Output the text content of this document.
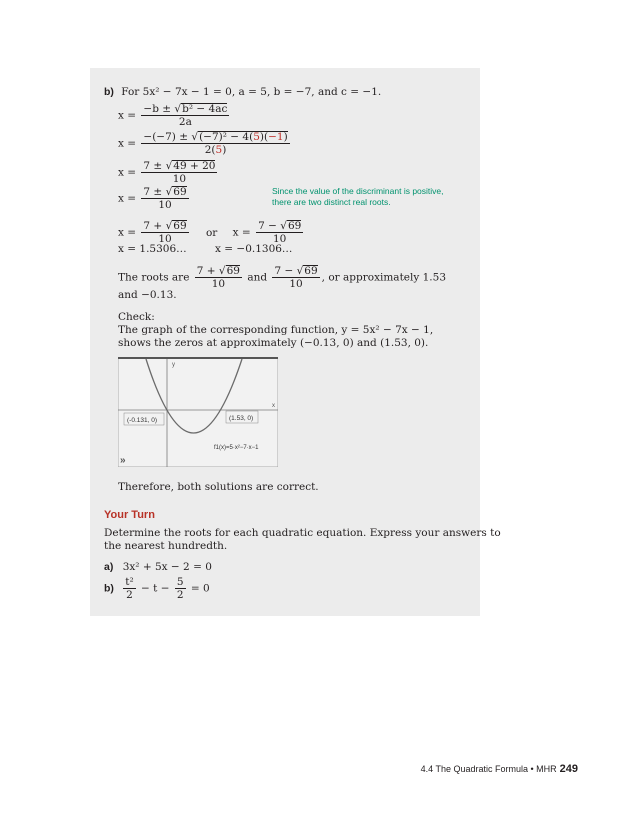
b) For 5x² − 7x − 1 = 0, a = 5, b = −7, and c = −1.
$x = \frac{\text{−b ± √b² − 4ac}}{2a}$
$x = \frac{\text{−(−7) ± √(−7)² − 4(5)(−1)}}{2(5)}$
$x = \frac{7 \pm √49 + 20}{10}$
$x = \frac{7 \pm √69}{10}$	Since the value of the discriminant is positive,
there are two distinct real roots.
$x = \frac{7 + √69}{10}$ or $x = \frac{7 - √69}{10}$
x = 1.5306…	x = −0.1306…
The roots are $\frac{7 + √69}{10}$ and $\frac{7 - √69}{10}$ , or approximately 1.53
and −0.13.
Check:
The graph of the corresponding function, y = 5x² − 7x − 1,
shows the zeros at approximately (−0.13, 0) and (1.53, 0).
y
x
(-0.131, 0)	(1.53, 0)
f1(x)=5·x²−7·x−1
»
Therefore, both solutions are correct.
Your Turn
Determine the roots for each quadratic equation. Express your answers to
the nearest hundredth.
a) 3x² + 5x − 2 = 0
$b) \frac{\text{t²}}{2} - t - \frac{5}{2} = 0$
4.4 The Quadratic Formula • MHR 249
